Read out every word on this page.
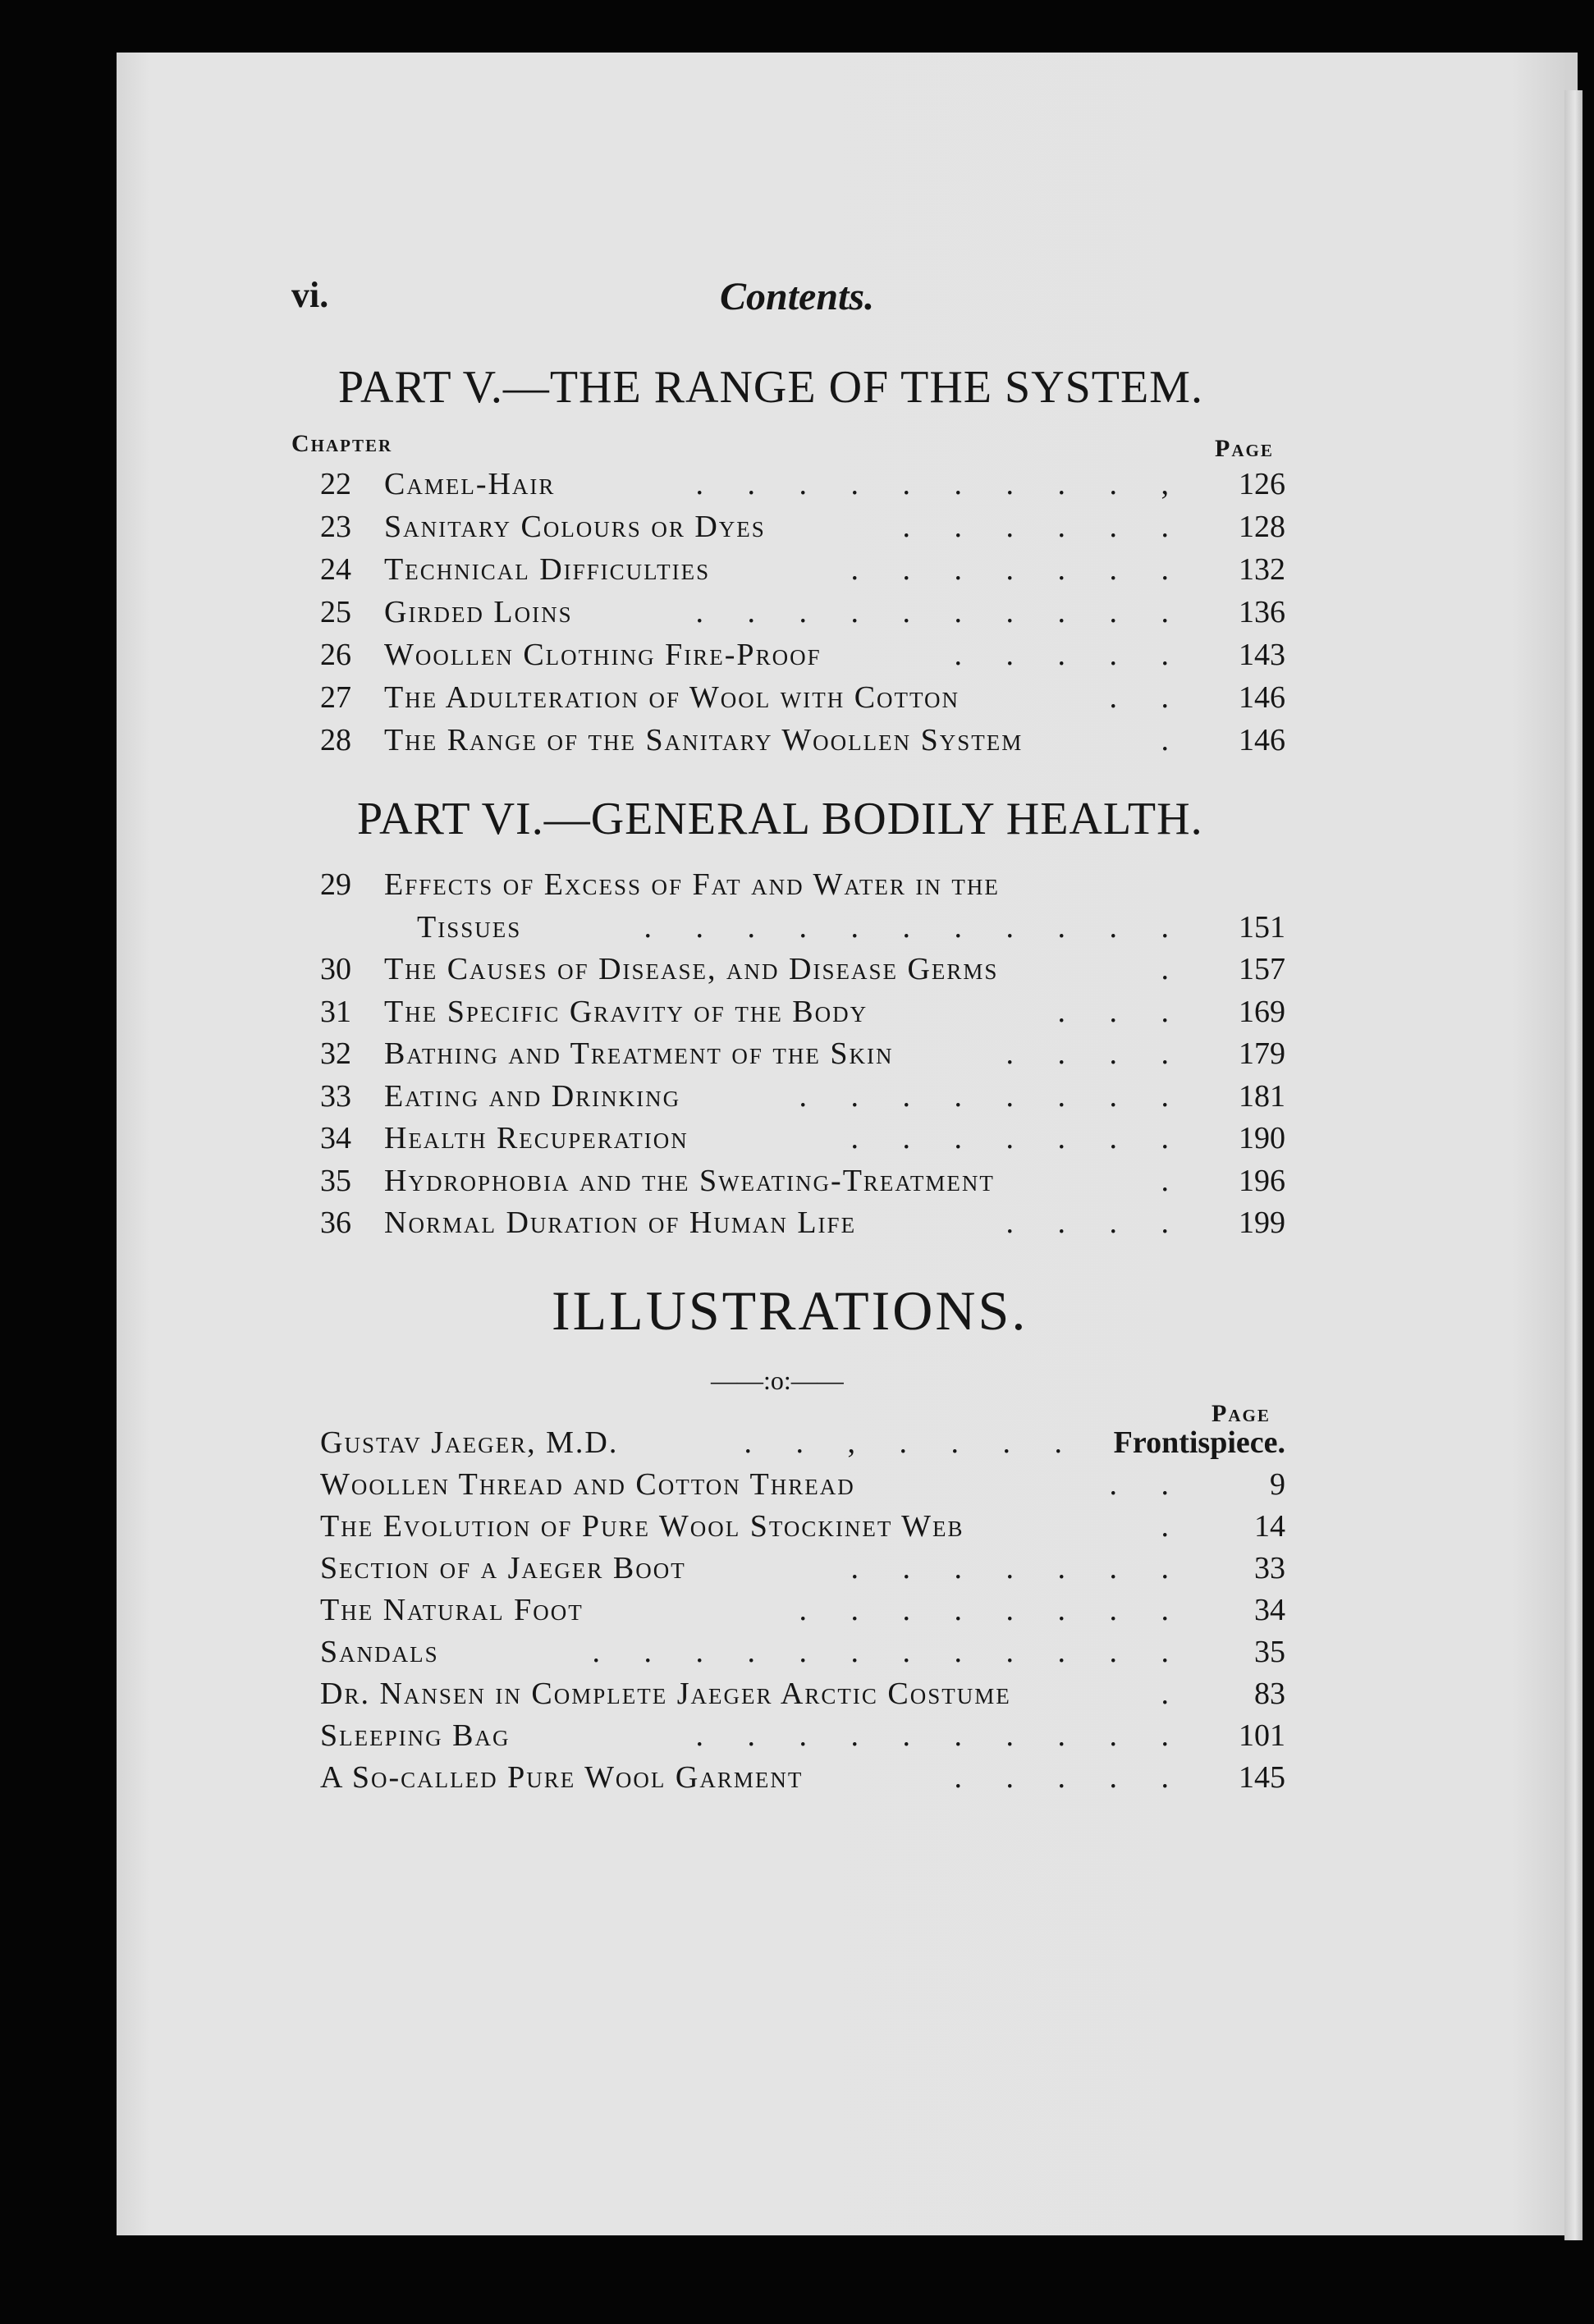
vi.	Contents.
PART V.—THE RANGE OF THE SYSTEM.
Chapter	Page
22	Camel-Hair	. . . . . . . . . ,	126
23	Sanitary Colours or Dyes	. . . . . .	128
24	Technical Difficulties	. . . . . . .	132
25	Girded Loins	. . . . . . . . . .	136
26	Woollen Clothing Fire-Proof	. . . . .	143
27	The Adulteration of Wool with Cotton	. .	146
28	The Range of the Sanitary Woollen System	.	146
PART VI.—GENERAL BODILY HEALTH.
29	Effects of Excess of Fat and Water in the
Tissues	. . . . . . . . . . .	151
30	The Causes of Disease, and Disease Germs	.	157
31	The Specific Gravity of the Body	. . .	169
32	Bathing and Treatment of the Skin	. . . .	179
33	Eating and Drinking	. . . . . . . .	181
34	Health Recuperation	. . . . . . .	190
35	Hydrophobia and the Sweating-Treatment	.	196
36	Normal Duration of Human Life	. . . .	199
ILLUSTRATIONS.
——:o:——
Page
Gustav Jaeger, M.D.	. . , . . . .	Frontispiece.
Woollen Thread and Cotton Thread	. .	9
The Evolution of Pure Wool Stockinet Web	.	14
Section of a Jaeger Boot	. . . . . . .	33
The Natural Foot	. . . . . . . .	34
Sandals	. . . . . . . . . . . .	35
Dr. Nansen in Complete Jaeger Arctic Costume	.	83
Sleeping Bag	. . . . . . . . . .	101
A So-called Pure Wool Garment	. . . . .	145
